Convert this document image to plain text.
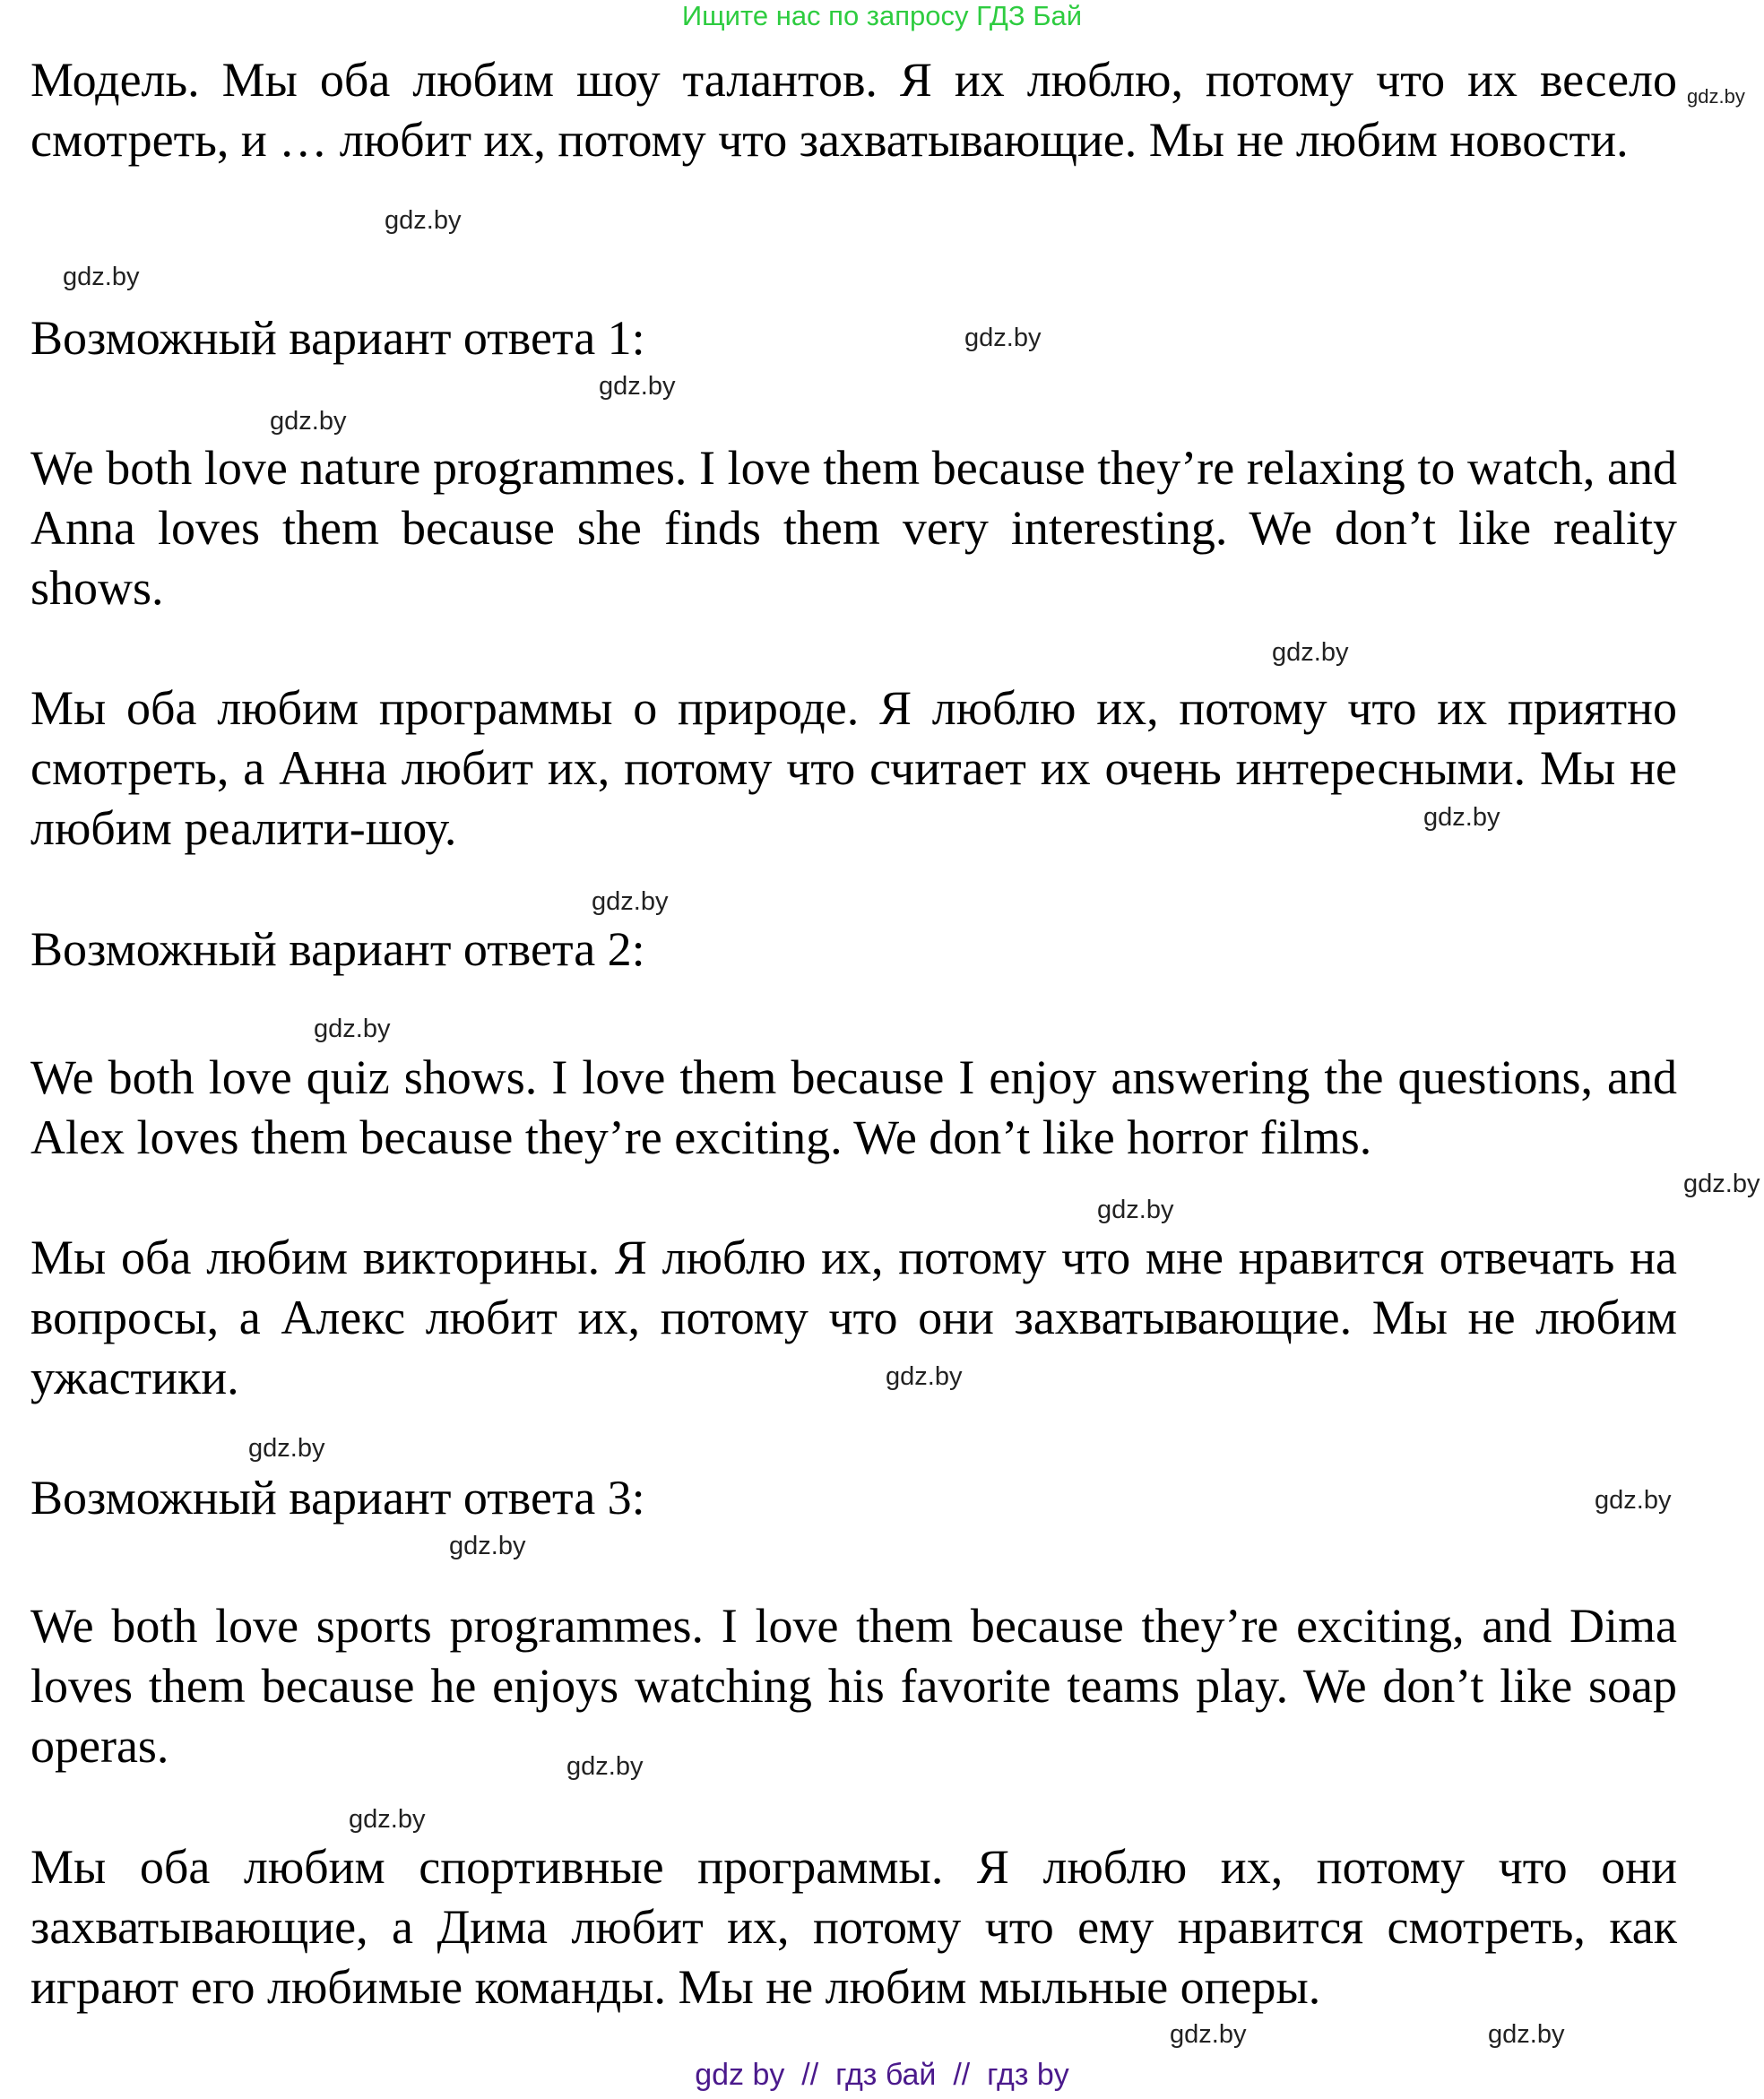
Ищите нас по запросу ГДЗ Бай

Модель. Мы оба любим шоу талантов. Я их люблю, потому что их весело смотреть, и … любит их, потому что захватывающие. Мы не любим новости.

Возможный вариант ответа 1:

We both love nature programmes. I love them because they’re relaxing to watch, and Anna loves them because she finds them very interesting. We don’t like reality shows.

Мы оба любим программы о природе. Я люблю их, потому что их приятно смотреть, а Анна любит их, потому что считает их очень интересными. Мы не любим реалити-шоу.

Возможный вариант ответа 2:

We both love quiz shows. I love them because I enjoy answering the questions, and Alex loves them because they’re exciting. We don’t like horror films.

Мы оба любим викторины. Я люблю их, потому что мне нравится отвечать на вопросы, а Алекс любит их, потому что они захватывающие. Мы не любим ужастики.

Возможный вариант ответа 3:

We both love sports programmes. I love them because they’re exciting, and Dima loves them because he enjoys watching his favorite teams play. We don’t like soap operas.

Мы оба любим спортивные программы. Я люблю их, потому что они захватывающие, а Дима любит их, потому что ему нравится смотреть, как играют его любимые команды. Мы не любим мыльные оперы.

gdz.by
gdz.by
gdz.by
gdz.by
gdz.by
gdz.by
gdz.by
gdz.by
gdz.by
gdz.by
gdz.by
gdz.by
gdz.by
gdz.by
gdz.by
gdz.by
gdz.by
gdz.by
gdz.by
gdz.by
gdz by  //  гдз бай  //  гдз by
